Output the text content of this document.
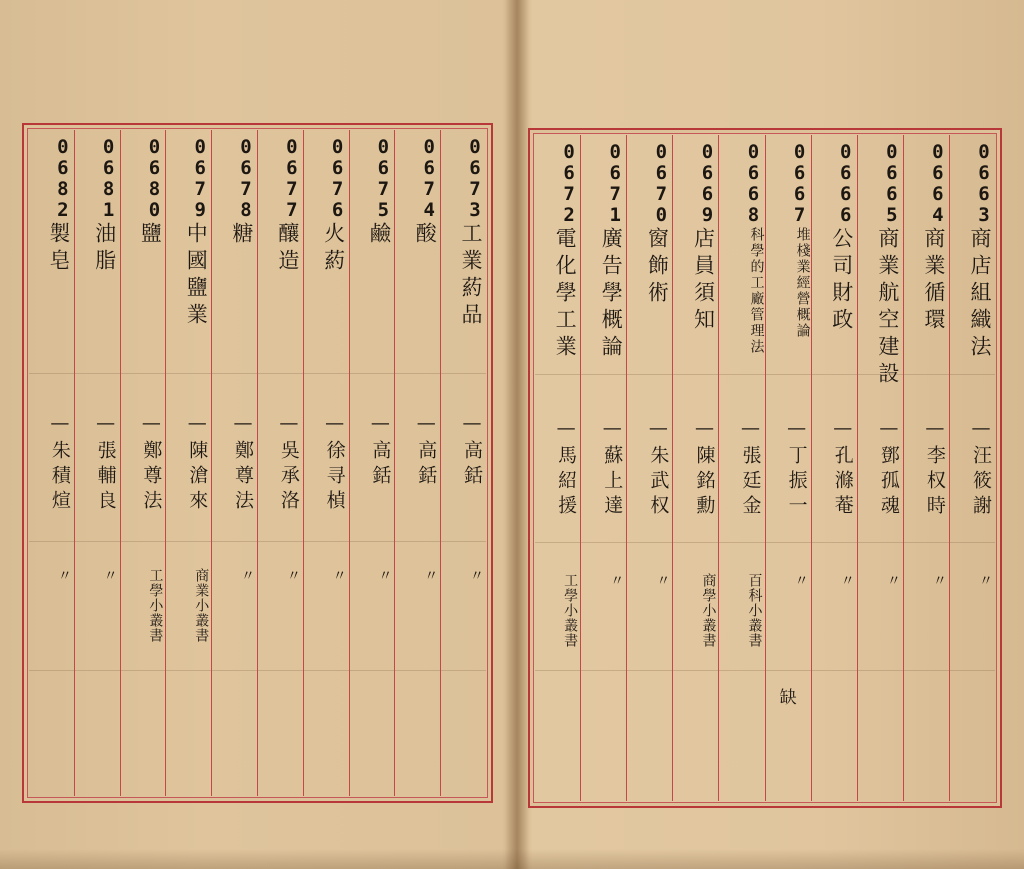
0673
工業葯品
—高銛
〃
0674
酸
—高銛
〃
0675
鹼
—高銛
〃
0676
火葯
—徐寻楨
〃
0677
釀造
—吳承洛
〃
0678
糖
—鄭尊法
〃
0679
中國鹽業
—陳滄來
商業小叢書
0680
鹽
—鄭尊法
工學小叢書
0681
油脂
—張輔良
〃
0682
製皂
—朱積煊
〃
0663
商店組織法
—汪筱謝
〃
0664
商業循環
—李权時
〃
0665
商業航空建設
—鄧孤魂
〃
0666
公司財政
—孔滌菴
〃
0667
堆棧業經營概論
—丁振一
〃
缺
0668
科學的工廠管理法
—張廷金
百科小叢書
0669
店員須知
—陳銘勳
商學小叢書
0670
窗飾術
—朱武权
〃
0671
廣告學概論
—蘇上達
〃
0672
電化學工業
—馬紹援
工學小叢書
